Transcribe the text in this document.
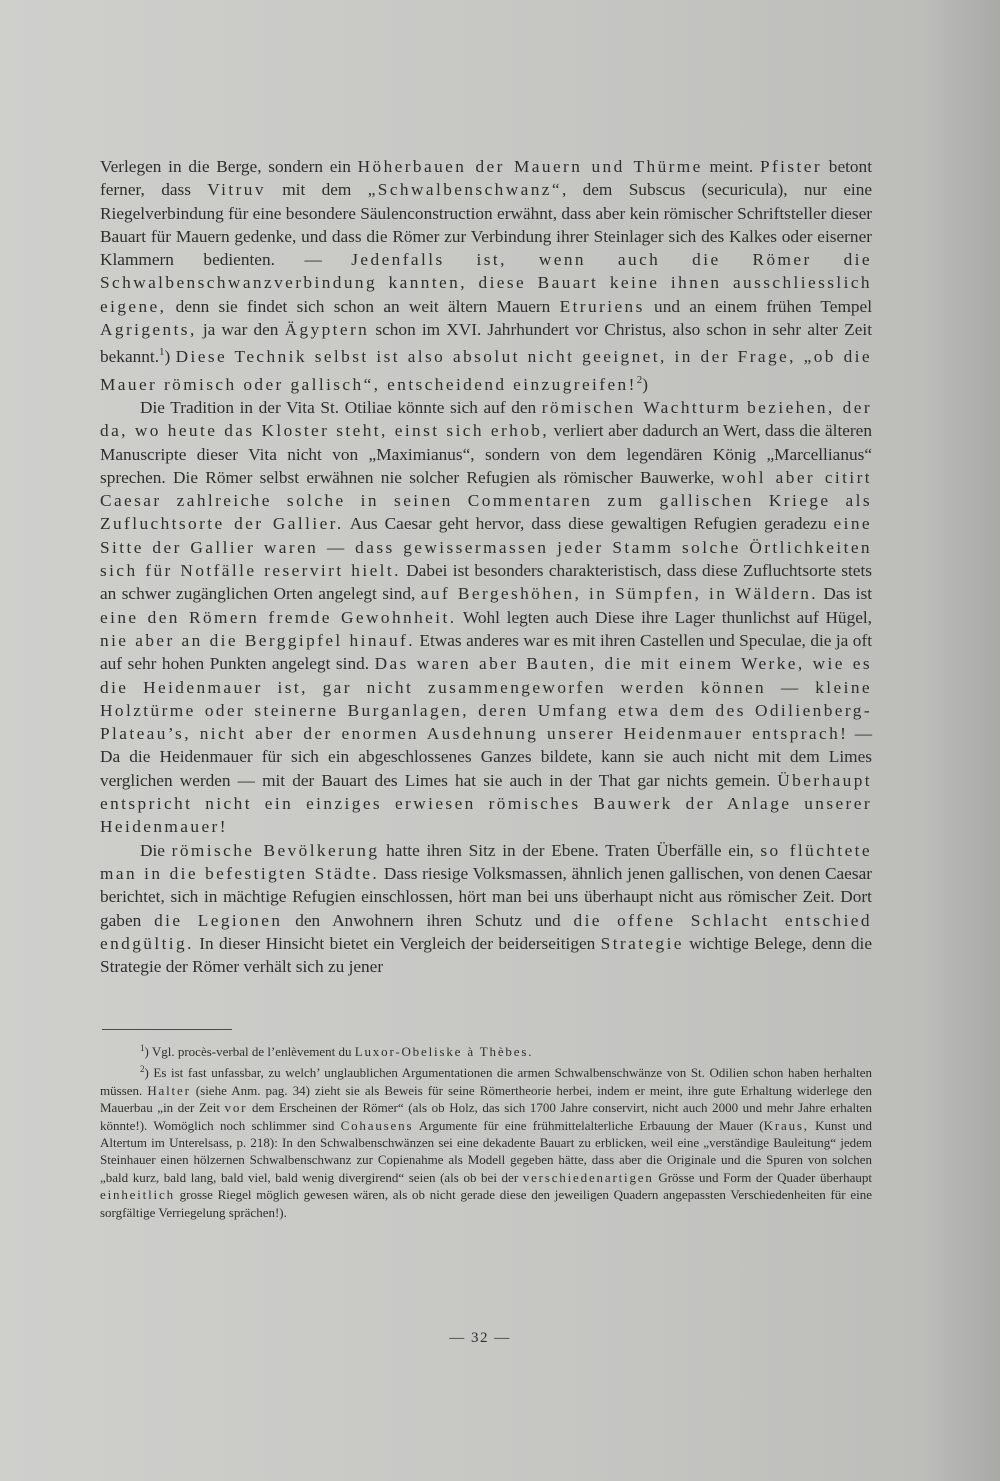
Verlegen in die Berge, sondern ein Höherbauen der Mauern und Thürme meint. Pfister betont ferner, dass Vitruv mit dem „Schwalbenschwanz“, dem Subscus (securicula), nur eine Riegelverbindung für eine besondere Säulenconstruction erwähnt, dass aber kein römischer Schriftsteller dieser Bauart für Mauern gedenke, und dass die Römer zur Verbindung ihrer Steinlager sich des Kalkes oder eiserner Klammern bedienten. — Jedenfalls ist, wenn auch die Römer die Schwalbenschwanzverbindung kannten, diese Bauart keine ihnen ausschliesslich eigene, denn sie findet sich schon an weit ältern Mauern Etruriens und an einem frühen Tempel Agrigents, ja war den Ägyptern schon im XVI. Jahrhundert vor Christus, also schon in sehr alter Zeit bekannt.$^1$) Diese Technik selbst ist also absolut nicht geeignet, in der Frage, „ob die Mauer römisch oder gallisch“, entscheidend einzugreifen!$^2$)

Die Tradition in der Vita St. Otiliae könnte sich auf den römischen Wachtturm beziehen, der da, wo heute das Kloster steht, einst sich erhob, verliert aber dadurch an Wert, dass die älteren Manuscripte dieser Vita nicht von „Maximianus“, sondern von dem legendären König „Marcellianus“ sprechen. Die Römer selbst erwähnen nie solcher Refugien als römischer Bauwerke, wohl aber citirt Caesar zahlreiche solche in seinen Commentaren zum gallischen Kriege als Zufluchtsorte der Gallier. Aus Caesar geht hervor, dass diese gewaltigen Refugien geradezu eine Sitte der Gallier waren — dass gewissermassen jeder Stamm solche Örtlichkeiten sich für Notfälle reservirt hielt. Dabei ist besonders charakteristisch, dass diese Zufluchtsorte stets an schwer zugänglichen Orten angelegt sind, auf Bergeshöhen, in Sümpfen, in Wäldern. Das ist eine den Römern fremde Gewohnheit. Wohl legten auch Diese ihre Lager thunlichst auf Hügel, nie aber an die Berggipfel hinauf. Etwas anderes war es mit ihren Castellen und Speculae, die ja oft auf sehr hohen Punkten angelegt sind. Das waren aber Bauten, die mit einem Werke, wie es die Heidenmauer ist, gar nicht zusammengeworfen werden können — kleine Holztürme oder steinerne Burganlagen, deren Umfang etwa dem des Odilienberg-Plateau’s, nicht aber der enormen Ausdehnung unserer Heidenmauer entsprach! — Da die Heidenmauer für sich ein abgeschlossenes Ganzes bildete, kann sie auch nicht mit dem Limes verglichen werden — mit der Bauart des Limes hat sie auch in der That gar nichts gemein. Überhaupt entspricht nicht ein einziges erwiesen römisches Bauwerk der Anlage unserer Heidenmauer!

Die römische Bevölkerung hatte ihren Sitz in der Ebene. Traten Überfälle ein, so flüchtete man in die befestigten Städte. Dass riesige Volksmassen, ähnlich jenen gallischen, von denen Caesar berichtet, sich in mächtige Refugien einschlossen, hört man bei uns überhaupt nicht aus römischer Zeit. Dort gaben die Legionen den Anwohnern ihren Schutz und die offene Schlacht entschied endgültig. In dieser Hinsicht bietet ein Vergleich der beiderseitigen Strategie wichtige Belege, denn die Strategie der Römer verhält sich zu jener

$^1$) Vgl. procès-verbal de l’enlèvement du Luxor-Obeliske à Thèbes.

$^2$) Es ist fast unfassbar, zu welch’ unglaublichen Argumentationen die armen Schwalbenschwänze von St. Odilien schon haben herhalten müssen. Halter (siehe Anm. pag. 34) zieht sie als Beweis für seine Römertheorie herbei, indem er meint, ihre gute Erhaltung widerlege den Mauerbau „in der Zeit vor dem Erscheinen der Römer“ (als ob Holz, das sich 1700 Jahre conservirt, nicht auch 2000 und mehr Jahre erhalten könnte!). Womöglich noch schlimmer sind Cohausens Argumente für eine frühmittelalterliche Erbauung der Mauer (Kraus, Kunst und Altertum im Unterelsass, p. 218): In den Schwalbenschwänzen sei eine dekadente Bauart zu erblicken, weil eine „verständige Bauleitung“ jedem Steinhauer einen hölzernen Schwalbenschwanz zur Copienahme als Modell gegeben hätte, dass aber die Originale und die Spuren von solchen „bald kurz, bald lang, bald viel, bald wenig divergirend“ seien (als ob bei der verschiedenartigen Grösse und Form der Quader überhaupt einheitlich grosse Riegel möglich gewesen wären, als ob nicht gerade diese den jeweiligen Quadern angepassten Verschiedenheiten für eine sorgfältige Verriegelung sprächen!).

— 32 —
